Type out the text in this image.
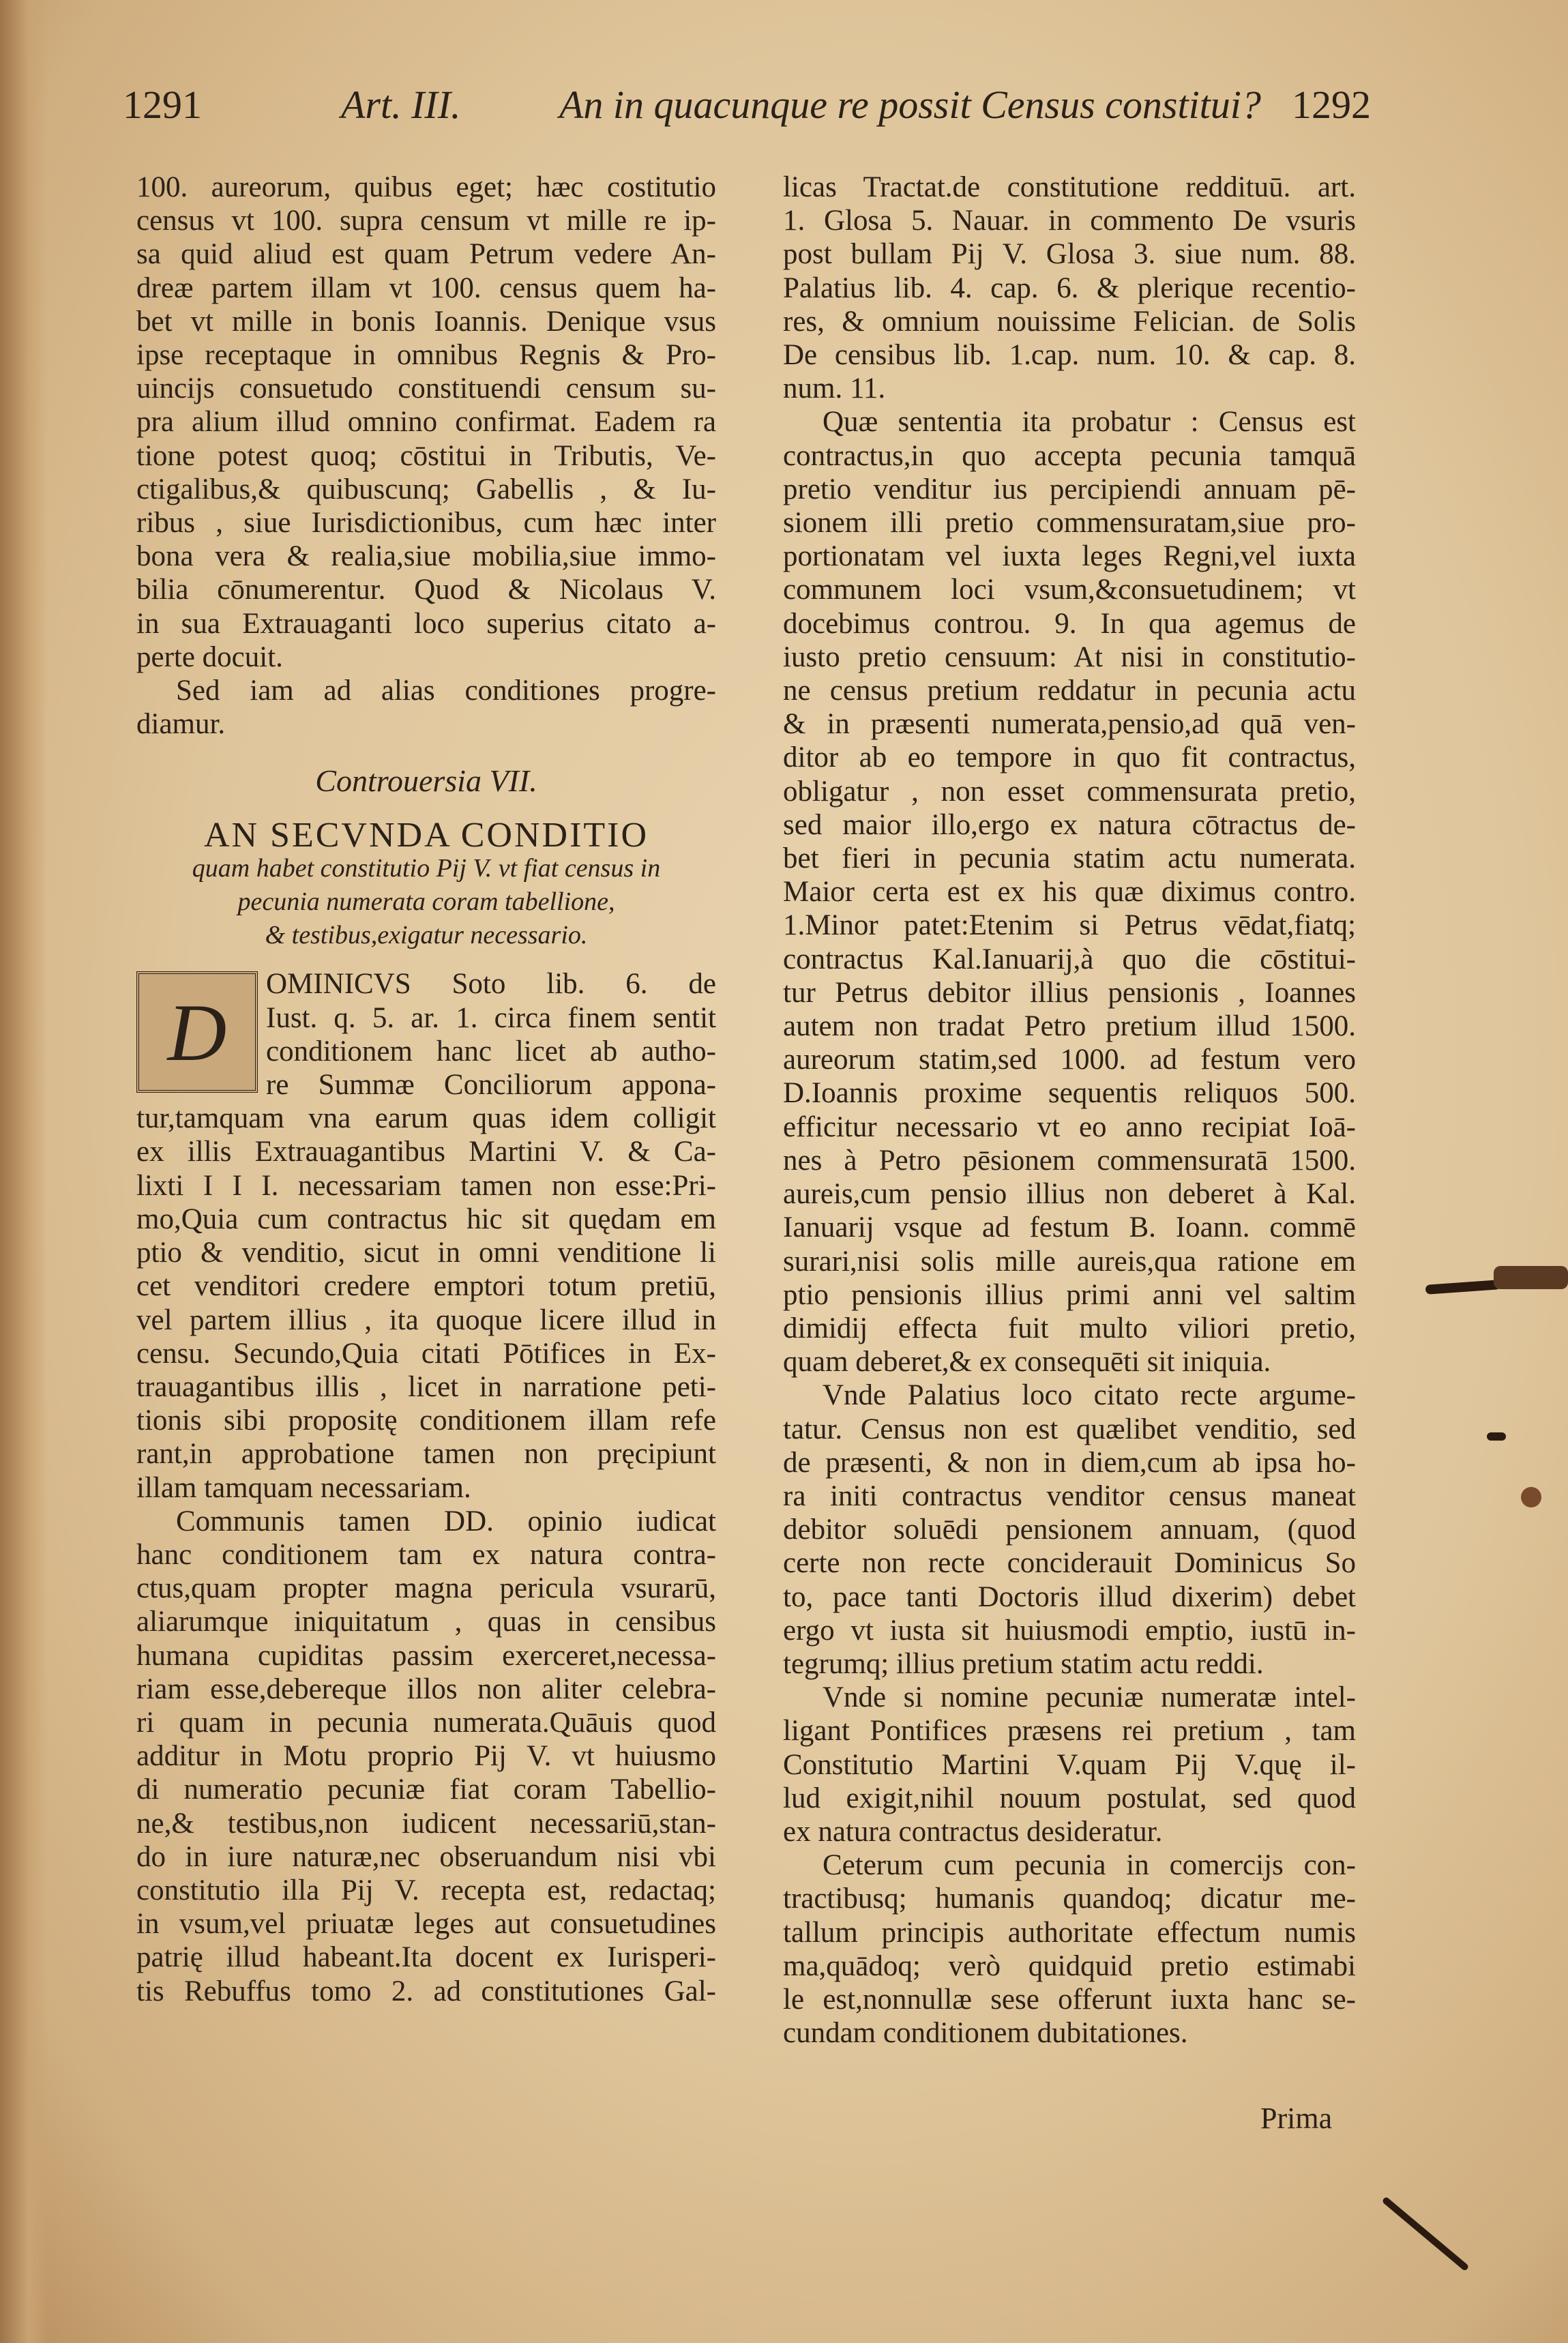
1291	Art. III. An in quacunque re possit Census constitui? 1292

100. aureorum, quibus eget; hæc costitutio

census vt 100. supra censum vt mille re ip-

sa quid aliud est quam Petrum vedere An-

dreæ partem illam vt 100. census quem ha-

bet vt mille in bonis Ioannis. Denique vsus

ipse receptaque in omnibus Regnis & Pro-

uincijs consuetudo constituendi censum su-

pra alium illud omnino confirmat. Eadem ra

tione potest quoq; cōstitui in Tributis, Ve-

ctigalibus,& quibuscunq; Gabellis , & Iu-

ribus , siue Iurisdictionibus, cum hæc inter

bona vera & realia,siue mobilia,siue immo-

bilia cōnumerentur. Quod & Nicolaus V.

in sua Extrauaganti loco superius citato a-

perte docuit.

Sed iam ad alias conditiones progre-

diamur.

Controuersia VII.

AN SECVNDA CONDITIO

quam habet constitutio Pij V. vt fiat census in

pecunia numerata coram tabellione,

& testibus,exigatur necessario.

D

OMINICVS Soto lib. 6. de

Iust. q. 5. ar. 1. circa finem sentit

conditionem hanc licet ab autho-

re Summæ Conciliorum appona-

tur,tamquam vna earum quas idem colligit

ex illis Extrauagantibus Martini V. & Ca-

lixti I I I. necessariam tamen non esse:Pri-

mo,Quia cum contractus hic sit quędam em

ptio & venditio, sicut in omni venditione li

cet venditori credere emptori totum pretiū,

vel partem illius , ita quoque licere illud in

censu. Secundo,Quia citati Pōtifices in Ex-

trauagantibus illis , licet in narratione peti-

tionis sibi propositę conditionem illam refe

rant,in approbatione tamen non pręcipiunt

illam tamquam necessariam.

Communis tamen DD. opinio iudicat

hanc conditionem tam ex natura contra-

ctus,quam propter magna pericula vsurarū,

aliarumque iniquitatum , quas in censibus

humana cupiditas passim exerceret,necessa-

riam esse,debereque illos non aliter celebra-

ri quam in pecunia numerata.Quāuis quod

additur in Motu proprio Pij V. vt huiusmo

di numeratio pecuniæ fiat coram Tabellio-

ne,& testibus,non iudicent necessariū,stan-

do in iure naturæ,nec obseruandum nisi vbi

constitutio illa Pij V. recepta est, redactaq;

in vsum,vel priuatæ leges aut consuetudines

patrię illud habeant.Ita docent ex Iurisperi-

tis Rebuffus tomo 2. ad constitutiones Gal-

licas Tractat.de constitutione reddituū. art.

1. Glosa 5. Nauar. in commento De vsuris

post bullam Pij V. Glosa 3. siue num. 88.

Palatius lib. 4. cap. 6. & plerique recentio-

res, & omnium nouissime Felician. de Solis

De censibus lib. 1.cap. num. 10. & cap. 8.

num. 11.

Quæ sententia ita probatur : Census est

contractus,in quo accepta pecunia tamquā

pretio venditur ius percipiendi annuam pē-

sionem illi pretio commensuratam,siue pro-

portionatam vel iuxta leges Regni,vel iuxta

communem loci vsum,&consuetudinem; vt

docebimus controu. 9. In qua agemus de

iusto pretio censuum: At nisi in constitutio-

ne census pretium reddatur in pecunia actu

& in præsenti numerata,pensio,ad quā ven-

ditor ab eo tempore in quo fit contractus,

obligatur , non esset commensurata pretio,

sed maior illo,ergo ex natura cōtractus de-

bet fieri in pecunia statim actu numerata.

Maior certa est ex his quæ diximus contro.

1.Minor patet:Etenim si Petrus vēdat,fiatq;

contractus Kal.Ianuarij,à quo die cōstitui-

tur Petrus debitor illius pensionis , Ioannes

autem non tradat Petro pretium illud 1500.

aureorum statim,sed 1000. ad festum vero

D.Ioannis proxime sequentis reliquos 500.

efficitur necessario vt eo anno recipiat Ioā-

nes à Petro pēsionem commensuratā 1500.

aureis,cum pensio illius non deberet à Kal.

Ianuarij vsque ad festum B. Ioann. commē

surari,nisi solis mille aureis,qua ratione em

ptio pensionis illius primi anni vel saltim

dimidij effecta fuit multo viliori pretio,

quam deberet,& ex consequēti sit iniquia.

Vnde Palatius loco citato recte argume-

tatur. Census non est quælibet venditio, sed

de præsenti, & non in diem,cum ab ipsa ho-

ra initi contractus venditor census maneat

debitor soluēdi pensionem annuam, (quod

certe non recte conciderauit Dominicus So

to, pace tanti Doctoris illud dixerim) debet

ergo vt iusta sit huiusmodi emptio, iustū in-

tegrumq; illius pretium statim actu reddi.

Vnde si nomine pecuniæ numeratæ intel-

ligant Pontifices præsens rei pretium , tam

Constitutio Martini V.quam Pij V.quę il-

lud exigit,nihil nouum postulat, sed quod

ex natura contractus desideratur.

Ceterum cum pecunia in comercijs con-

tractibusq; humanis quandoq; dicatur me-

tallum principis authoritate effectum numis

ma,quādoq; verò quidquid pretio estimabi

le est,nonnullæ sese offerunt iuxta hanc se-

cundam conditionem dubitationes.

Prima
